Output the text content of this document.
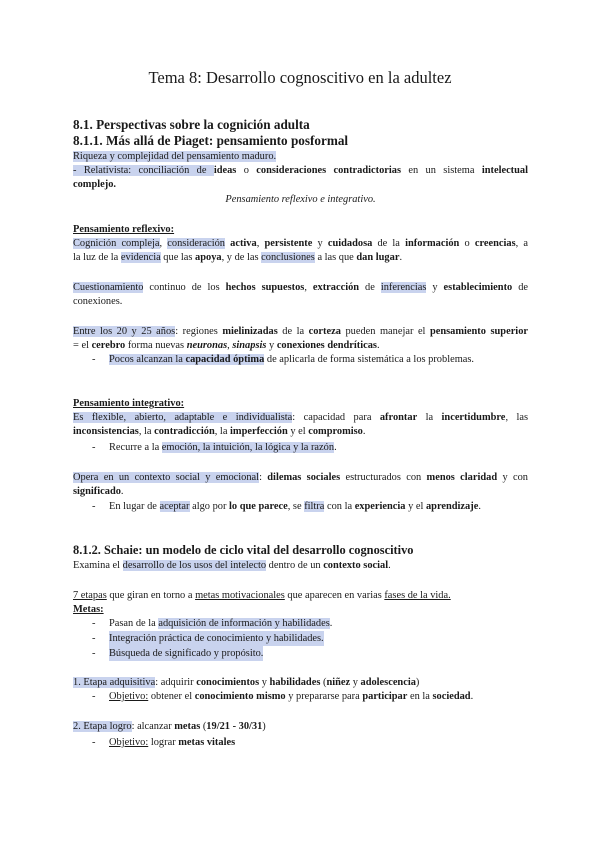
Tema 8: Desarrollo cognoscitivo en la adultez
8.1. Perspectivas sobre la cognición adulta
8.1.1. Más allá de Piaget: pensamiento posformal
Riqueza y complejidad del pensamiento maduro.
- Relativista: conciliación de ideas o consideraciones contradictorias en un sistema intelectual
complejo.
Pensamiento reflexivo e integrativo.
Pensamiento reflexivo:
Cognición compleja, consideración activa, persistente y cuidadosa de la información o creencias, a
la luz de la evidencia que las apoya, y de las conclusiones a las que dan lugar.
Cuestionamiento continuo de los hechos supuestos, extracción de inferencias y establecimiento de
conexiones.
Entre los 20 y 25 años: regiones mielinizadas de la corteza pueden manejar el pensamiento superior
= el cerebro forma nuevas neuronas, sinapsis y conexiones dendríticas.
-	Pocos alcanzan la capacidad óptima de aplicarla de forma sistemática a los problemas.
Pensamiento integrativo:
Es flexible, abierto, adaptable e individualista: capacidad para afrontar la incertidumbre, las
inconsistencias, la contradicción, la imperfección y el compromiso.
-	Recurre a la emoción, la intuición, la lógica y la razón.
Opera en un contexto social y emocional: dilemas sociales estructurados con menos claridad y con
significado.
-	En lugar de aceptar algo por lo que parece, se filtra con la experiencia y el aprendizaje.
8.1.2. Schaie: un modelo de ciclo vital del desarrollo cognoscitivo
Examina el desarrollo de los usos del intelecto dentro de un contexto social.
7 etapas que giran en torno a metas motivacionales que aparecen en varias fases de la vida.
Metas:
-	Pasan de la adquisición de información y habilidades.
-	Integración práctica de conocimiento y habilidades.
-	Búsqueda de significado y propósito.
1. Etapa adquisitiva: adquirir conocimientos y habilidades (niñez y adolescencia)
-	Objetivo: obtener el conocimiento mismo y prepararse para participar en la sociedad.
2. Etapa logro: alcanzar metas (19/21 - 30/31)
-	Objetivo: lograr metas vitales
